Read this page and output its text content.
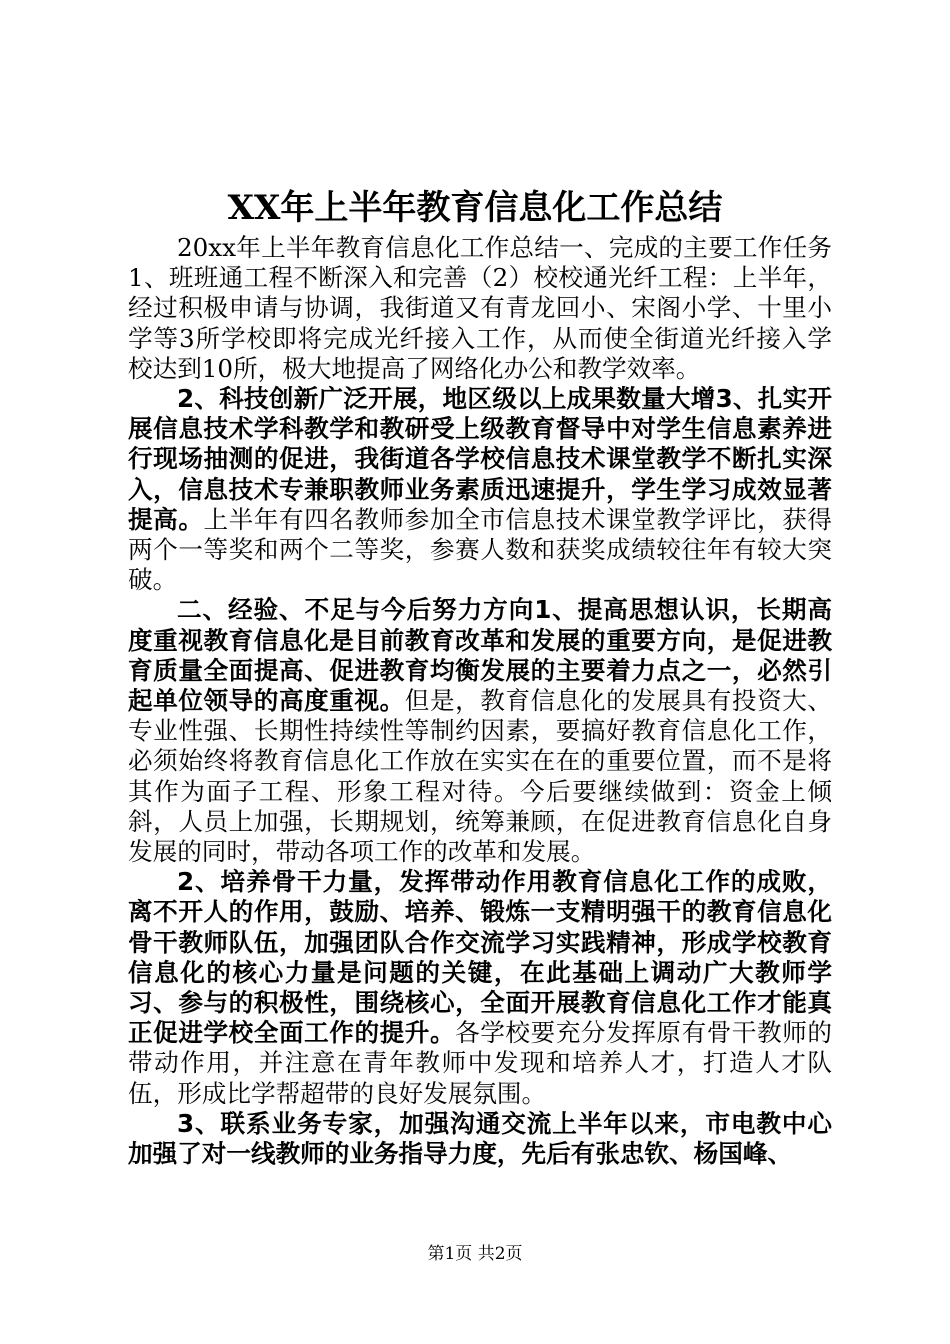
XX年上半年教育信息化工作总结

20xx年上半年教育信息化工作总结一、完成的主要工作任务1、班班通工程不断深入和完善（2）校校通光纤工程：上半年，经过积极申请与协调，我街道又有青龙回小、宋阁小学、十里小学等3所学校即将完成光纤接入工作，从而使全街道光纤接入学校达到10所，极大地提高了网络化办公和教学效率。

2、科技创新广泛开展，地区级以上成果数量大增3、扎实开展信息技术学科教学和教研受上级教育督导中对学生信息素养进行现场抽测的促进，我街道各学校信息技术课堂教学不断扎实深入，信息技术专兼职教师业务素质迅速提升，学生学习成效显著提高。上半年有四名教师参加全市信息技术课堂教学评比，获得两个一等奖和两个二等奖，参赛人数和获奖成绩较往年有较大突破。

二、经验、不足与今后努力方向1、提高思想认识，长期高度重视教育信息化是目前教育改革和发展的重要方向，是促进教育质量全面提高、促进教育均衡发展的主要着力点之一，必然引起单位领导的高度重视。但是，教育信息化的发展具有投资大、专业性强、长期性持续性等制约因素，要搞好教育信息化工作，必须始终将教育信息化工作放在实实在在的重要位置，而不是将其作为面子工程、形象工程对待。今后要继续做到：资金上倾斜，人员上加强，长期规划，统筹兼顾，在促进教育信息化自身发展的同时，带动各项工作的改革和发展。

2、培养骨干力量，发挥带动作用教育信息化工作的成败，离不开人的作用，鼓励、培养、锻炼一支精明强干的教育信息化骨干教师队伍，加强团队合作交流学习实践精神，形成学校教育信息化的核心力量是问题的关键，在此基础上调动广大教师学习、参与的积极性，围绕核心，全面开展教育信息化工作才能真正促进学校全面工作的提升。各学校要充分发挥原有骨干教师的带动作用，并注意在青年教师中发现和培养人才，打造人才队伍，形成比学帮超带的良好发展氛围。

3、联系业务专家，加强沟通交流上半年以来，市电教中心加强了对一线教师的业务指导力度，先后有张忠钦、杨国峰、

第1页 共2页
